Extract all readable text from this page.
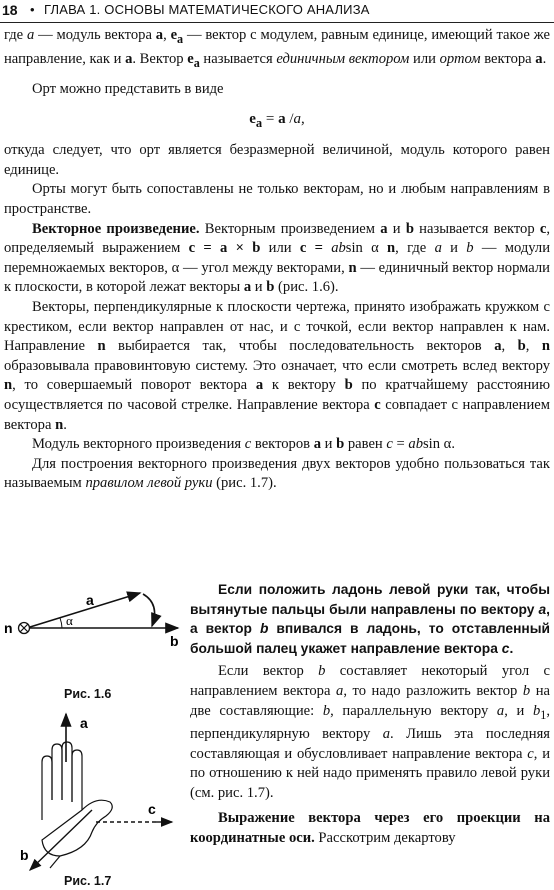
18 • ГЛАВА 1. ОСНОВЫ МАТЕМАТИЧЕСКОГО АНАЛИЗА

где a — модуль вектора a, $e_a$ — вектор с модулем, равным единице, имеющий такое же направление, как и a. Вектор $e_a$ называется единичным вектором или ортом вектора a.

Орт можно представить в виде

$e_a = a$ /a,

откуда следует, что орт является безразмерной величиной, модуль которого равен единице.

Орты могут быть сопоставлены не только векторам, но и любым направлениям в пространстве.

Векторное произведение. Векторным произведением a и b называется вектор c, определяемый выражением c = a × b или c = absin α n, где a и b — модули перемножаемых векторов, α — угол между векторами, n — единичный вектор нормали к плоскости, в которой лежат векторы a и b (рис. 1.6).

Векторы, перпендикулярные к плоскости чертежа, принято изображать кружком с крестиком, если вектор направлен от нас, и с точкой, если вектор направлен к нам. Направление n выбирается так, чтобы последовательность векторов a, b, n образовывала правовинтовую систему. Это означает, что если смотреть вслед вектору n, то совершаемый поворот вектора a к вектору b по кратчайшему расстоянию осуществляется по часовой стрелке. Направление вектора c совпадает с направлением вектора n.

Модуль векторного произведения c векторов a и b равен c = absin α.

Для построения векторного произведения двух векторов удобно пользоваться так называемым правилом левой руки (рис. 1.7).

a
α
n
b
Рис. 1.6
a
c
b
Рис. 1.7

Если положить ладонь левой руки так, чтобы вытянутые пальцы были направлены по вектору a, а вектор b впивался в ладонь, то отставленный большой палец укажет направление вектора c.

Если вектор b составляет некоторый угол с направлением вектора a, то надо разложить вектор b на две составляющие: b, параллельную вектору a, и $b_1$, перпендикулярную вектору a. Лишь эта последняя составляющая и обусловливает направление вектора c, и по отношению к ней надо применять правило левой руки (см. рис. 1.7).

Выражение вектора через его проекции на координатные оси. Расскотрим декартову
